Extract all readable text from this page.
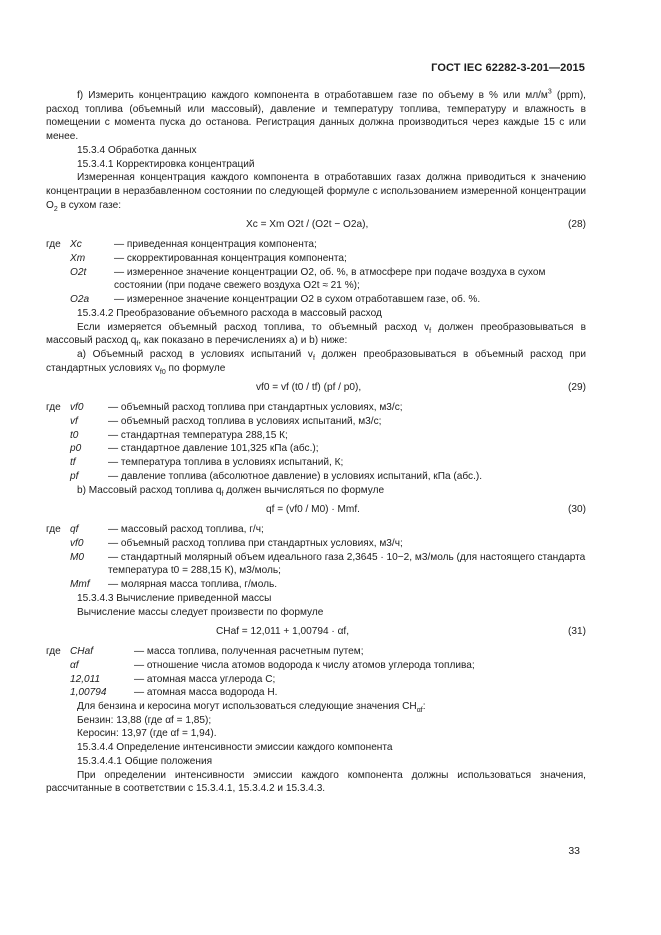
ГОСТ IEC 62282-3-201—2015

f) Измерить концентрацию каждого компонента в отработавшем газе по объему в % или $мл/м^3$ (ppm), расход топлива (объемный или массовый), давление и температуру топлива, температуру и влажность в помещении с момента пуска до останова. Регистрация данных должна производиться через каждые 15 с или менее.

15.3.4 Обработка данных

15.3.4.1 Корректировка концентраций

Измеренная концентрация каждого компонента в отработавших газах должна приводиться к значению концентрации в неразбавленном состоянии по следующей формуле с использованием измеренной концентрации $O_2$ в сухом газе:

Xc = Xm O2t / (O2t − O2a),	(28)
где Xc	— приведенная концентрация компонента;
Xm	— скорректированная концентрация компонента;
O2t	— измеренное значение концентрации O2, об. %, в атмосфере при подаче воздуха в сухом состоянии (при подаче свежего воздуха O2t ≈ 21 %);
O2a	— измеренное значение концентрации O2 в сухом отработавшем газе, об. %.

15.3.4.2 Преобразование объемного расхода в массовый расход

Если измеряется объемный расход топлива, то объемный расход $v_f$ должен преобразовываться в массовый расход $q_f$, как показано в перечислениях a) и b) ниже:

a) Объемный расход в условиях испытаний $v_f$ должен преобразовываться в объемный расход при стандартных условиях $v_{f0}$ по формуле

vf0 = vf (t0 / tf) (pf / p0),	(29)
где vf0	— объемный расход топлива при стандартных условиях, м3/с;
vf	— объемный расход топлива в условиях испытаний, м3/с;
t0	— стандартная температура 288,15 К;
p0	— стандартное давление 101,325 кПа (абс.);
tf	— температура топлива в условиях испытаний, К;
pf	— давление топлива (абсолютное давление) в условиях испытаний, кПа (абс.).

b) Массовый расход топлива $q_f$ должен вычисляться по формуле

qf = (vf0 / M0) · Mmf.	(30)
где qf	— массовый расход топлива, г/ч;
vf0	— объемный расход топлива при стандартных условиях, м3/ч;
M0	— стандартный молярный объем идеального газа 2,3645 · 10−2, м3/моль (для настоящего стандарта температура t0 = 288,15 К), м3/моль;
Mmf	— молярная масса топлива, г/моль.

15.3.4.3 Вычисление приведенной массы

Вычисление массы следует произвести по формуле

CHaf = 12,011 + 1,00794 · αf,	(31)
где CHaf	— масса топлива, полученная расчетным путем;
αf	— отношение числа атомов водорода к числу атомов углерода топлива;
12,011	— атомная масса углерода С;
1,00794	— атомная масса водорода Н.

Для бензина и керосина могут использоваться следующие значения $CH_{\alpha f}$:

Бензин: 13,88 (где αf = 1,85);

Керосин: 13,97 (где αf = 1,94).

15.3.4.4 Определение интенсивности эмиссии каждого компонента

15.3.4.4.1 Общие положения

При определении интенсивности эмиссии каждого компонента должны использоваться значения, рассчитанные в соответствии с 15.3.4.1, 15.3.4.2 и 15.3.4.3.

33
